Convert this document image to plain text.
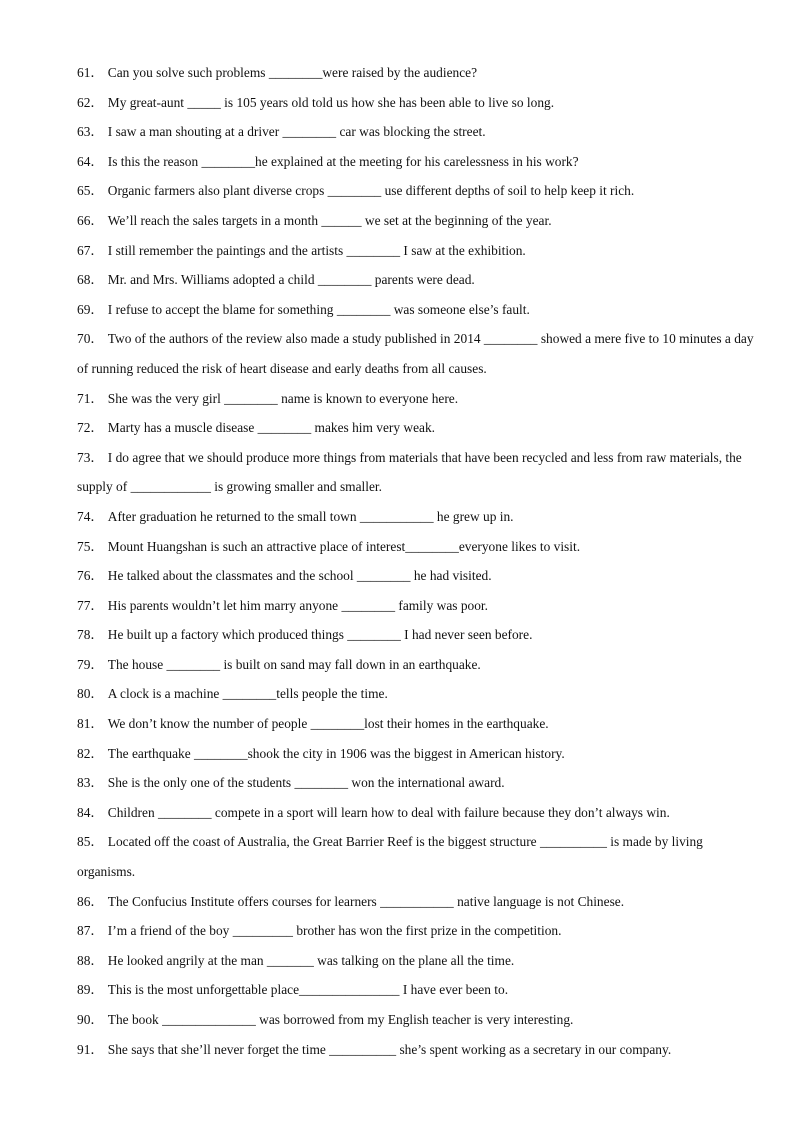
61． Can you solve such problems ________were raised by the audience?
62． My great-aunt _____ is 105 years old told us how she has been able to live so long.
63． I saw a man shouting at a driver ________ car was blocking the street.
64． Is this the reason ________he explained at the meeting for his carelessness in his work?
65． Organic farmers also plant diverse crops ________ use different depths of soil to help keep it rich.
66． We’ll reach the sales targets in a month ______ we set at the beginning of the year.
67． I still remember the paintings and the artists ________ I saw at the exhibition.
68． Mr. and Mrs. Williams adopted a child ________ parents were dead.
69． I refuse to accept the blame for something ________ was someone else’s fault.
70． Two of the authors of the review also made a study published in 2014 ________ showed a mere five to 10 minutes a day of running reduced the risk of heart disease and early deaths from all causes.
71． She was the very girl ________ name is known to everyone here.
72． Marty has a muscle disease ________ makes him very weak.
73． I do agree that we should produce more things from materials that have been recycled and less from raw materials, the supply of ____________ is growing smaller and smaller.
74． After graduation he returned to the small town ___________ he grew up in.
75． Mount Huangshan is such an attractive place of interest________everyone likes to visit.
76． He talked about the classmates and the school ________ he had visited.
77． His parents wouldn’t let him marry anyone ________ family was poor.
78． He built up a factory which produced things ________ I had never seen before.
79． The house ________ is built on sand may fall down in an earthquake.
80． A clock is a machine ________tells people the time.
81． We don’t know the number of people ________lost their homes in the earthquake.
82． The earthquake ________shook the city in 1906 was the biggest in American history.
83． She is the only one of the students ________ won the international award.
84． Children ________ compete in a sport will learn how to deal with failure because they don’t always win.
85． Located off the coast of Australia, the Great Barrier Reef is the biggest structure __________ is made by living organisms.
86． The Confucius Institute offers courses for learners ___________ native language is not Chinese.
87． I’m a friend of the boy _________ brother has won the first prize in the competition.
88． He looked angrily at the man _______ was talking on the plane all the time.
89． This is the most unforgettable place_______________ I have ever been to.
90． The book ______________ was borrowed from my English teacher is very interesting.
91． She says that she’ll never forget the time __________ she’s spent working as a secretary in our company.
